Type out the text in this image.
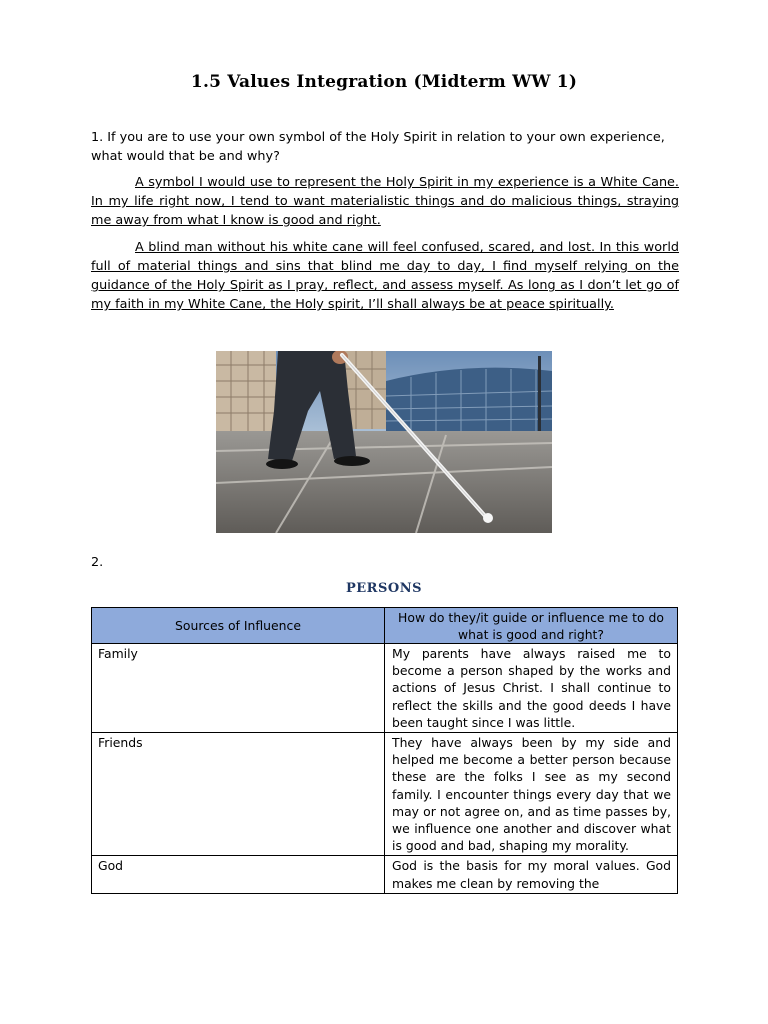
1.5 Values Integration (Midterm WW 1)
1. If you are to use your own symbol of the Holy Spirit in relation to your own experience, what would that be and why?
A symbol I would use to represent the Holy Spirit in my experience is a White Cane. In my life right now, I tend to want materialistic things and do malicious things, straying me away from what I know is good and right.
A blind man without his white cane will feel confused, scared, and lost. In this world full of material things and sins that blind me day to day, I find myself relying on the guidance of the Holy Spirit as I pray, reflect, and assess myself. As long as I don’t let go of my faith in my White Cane, the Holy spirit, I’ll shall always be at peace spiritually.
2.
PERSONS
Sources of Influence	How do they/it guide or influence me to do what is good and right?
Family	My parents have always raised me to become a person shaped by the works and actions of Jesus Christ. I shall continue to reflect the skills and the good deeds I have been taught since I was little.
Friends	They have always been by my side and helped me become a better person because these are the folks I see as my second family. I encounter things every day that we may or not agree on, and as time passes by, we influence one another and discover what is good and bad, shaping my morality.
God	God is the basis for my moral values. God makes me clean by removing the
